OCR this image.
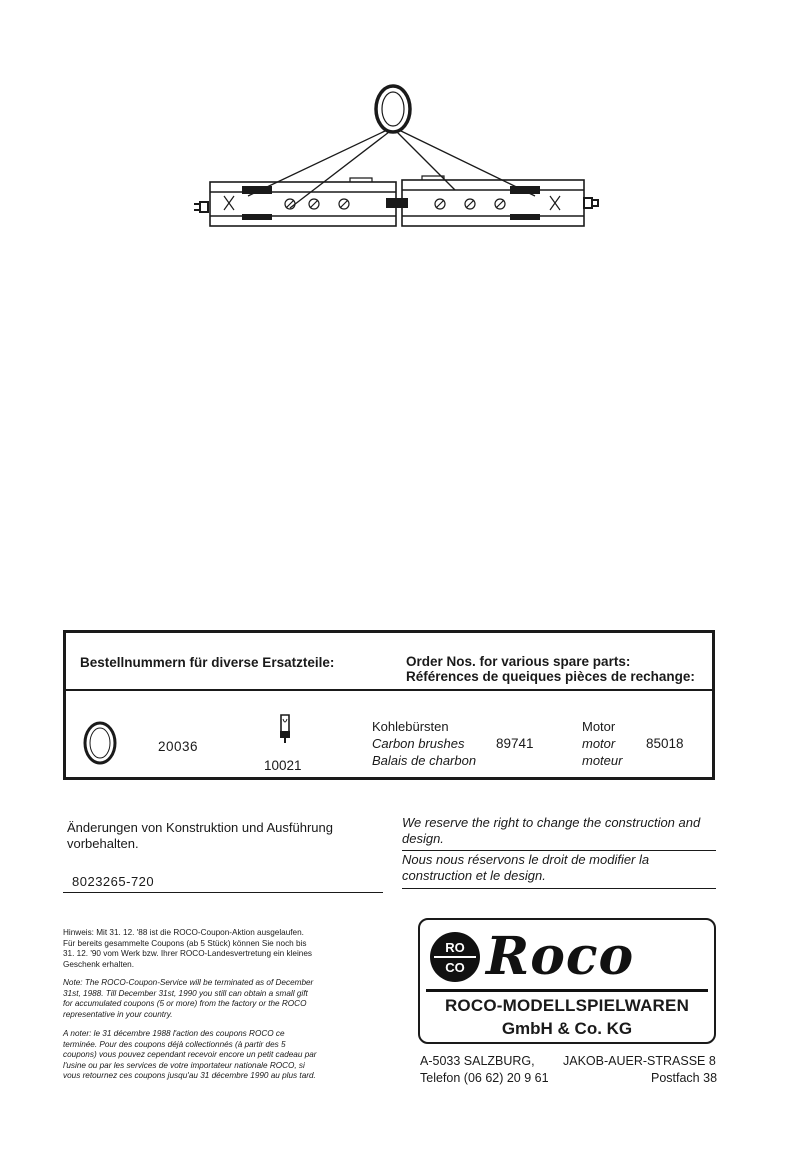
Bestellnummern für diverse Ersatzteile:	Order Nos. for various spare parts:
Références de queiques pièces de rechange:
20036
10021
Kohlebürsten
Carbon brushes
Balais de charbon
89741
Motor
motor
moteur
85018
Änderungen von Konstruktion und Ausführung vorbehalten.
We reserve the right to change the construction and design.
Nous nous réservons le droit de modifier la construction et le design.
8023265-720
Hinweis: Mit 31. 12. '88 ist die ROCO-Coupon-Aktion ausgelaufen. Für bereits gesammelte Coupons (ab 5 Stück) können Sie noch bis 31. 12. '90 vom Werk bzw. Ihrer ROCO-Landesvertretung ein kleines Geschenk erhalten.
Note: The ROCO-Coupon-Service will be terminated as of December 31st, 1988. Till December 31st, 1990 you still can obtain a small gift for accumulated coupons (5 or more) from the factory or the ROCO representative in your country.
A noter: le 31 décembre 1988 l'action des coupons ROCO ce terminée. Pour des coupons déjà collectionnés (à partir des 5 coupons) vous pouvez cependant recevoir encore un petit cadeau par l'usine ou par les services de votre importateur nationale ROCO, si vous retournez ces coupons jusqu'au 31 décembre 1990 au plus tard.
RO
CO Roco
ROCO-MODELLSPIELWAREN
GmbH & Co. KG
A-5033 SALZBURG, JAKOB-AUER-STRASSE 8
Telefon (06 62) 20 9 61	Postfach 38
